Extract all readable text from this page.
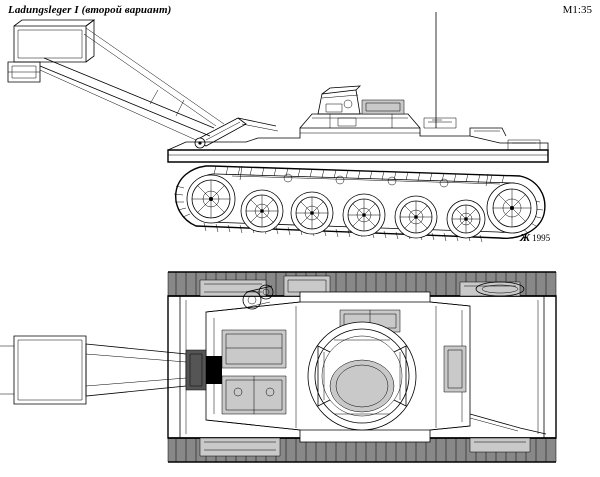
Ladungsleger I (второй вариант)	M1:35
Ж 1995
